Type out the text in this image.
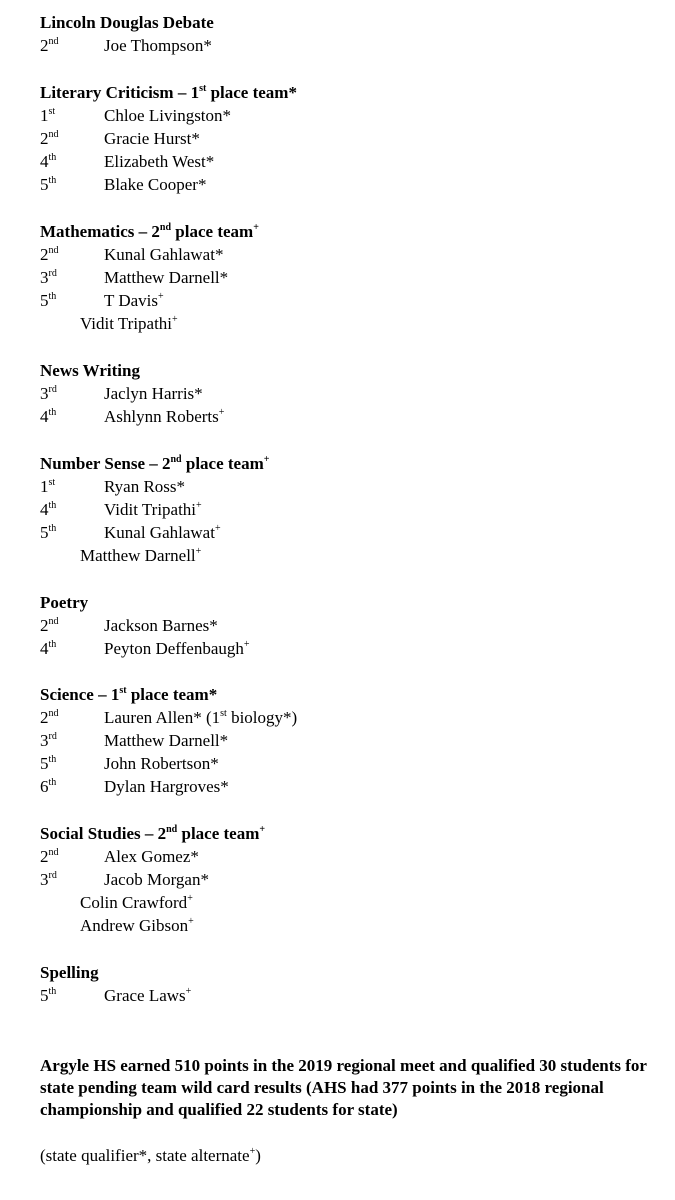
Lincoln Douglas Debate
2nd	Joe Thompson*
Literary Criticism – 1st place team*
1st	Chloe Livingston*
2nd	Gracie Hurst*
4th	Elizabeth West*
5th	Blake Cooper*
Mathematics – 2nd place team+
2nd	Kunal Gahlawat*
3rd	Matthew Darnell*
5th	T Davis+
Vidit Tripathi+
News Writing
3rd	Jaclyn Harris*
4th	Ashlynn Roberts+
Number Sense – 2nd place team+
1st	Ryan Ross*
4th	Vidit Tripathi+
5th	Kunal Gahlawat+
Matthew Darnell+
Poetry
2nd	Jackson Barnes*
4th	Peyton Deffenbaugh+
Science – 1st place team*
2nd	Lauren Allen* (1st biology*)
3rd	Matthew Darnell*
5th	John Robertson*
6th	Dylan Hargroves*
Social Studies – 2nd place team+
2nd	Alex Gomez*
3rd	Jacob Morgan*
Colin Crawford+
Andrew Gibson+
Spelling
5th	Grace Laws+
Argyle HS earned 510 points in the 2019 regional meet and qualified 30 students for state pending team wild card results (AHS had 377 points in the 2018 regional championship and qualified 22 students for state)
(state qualifier*, state alternate+)
